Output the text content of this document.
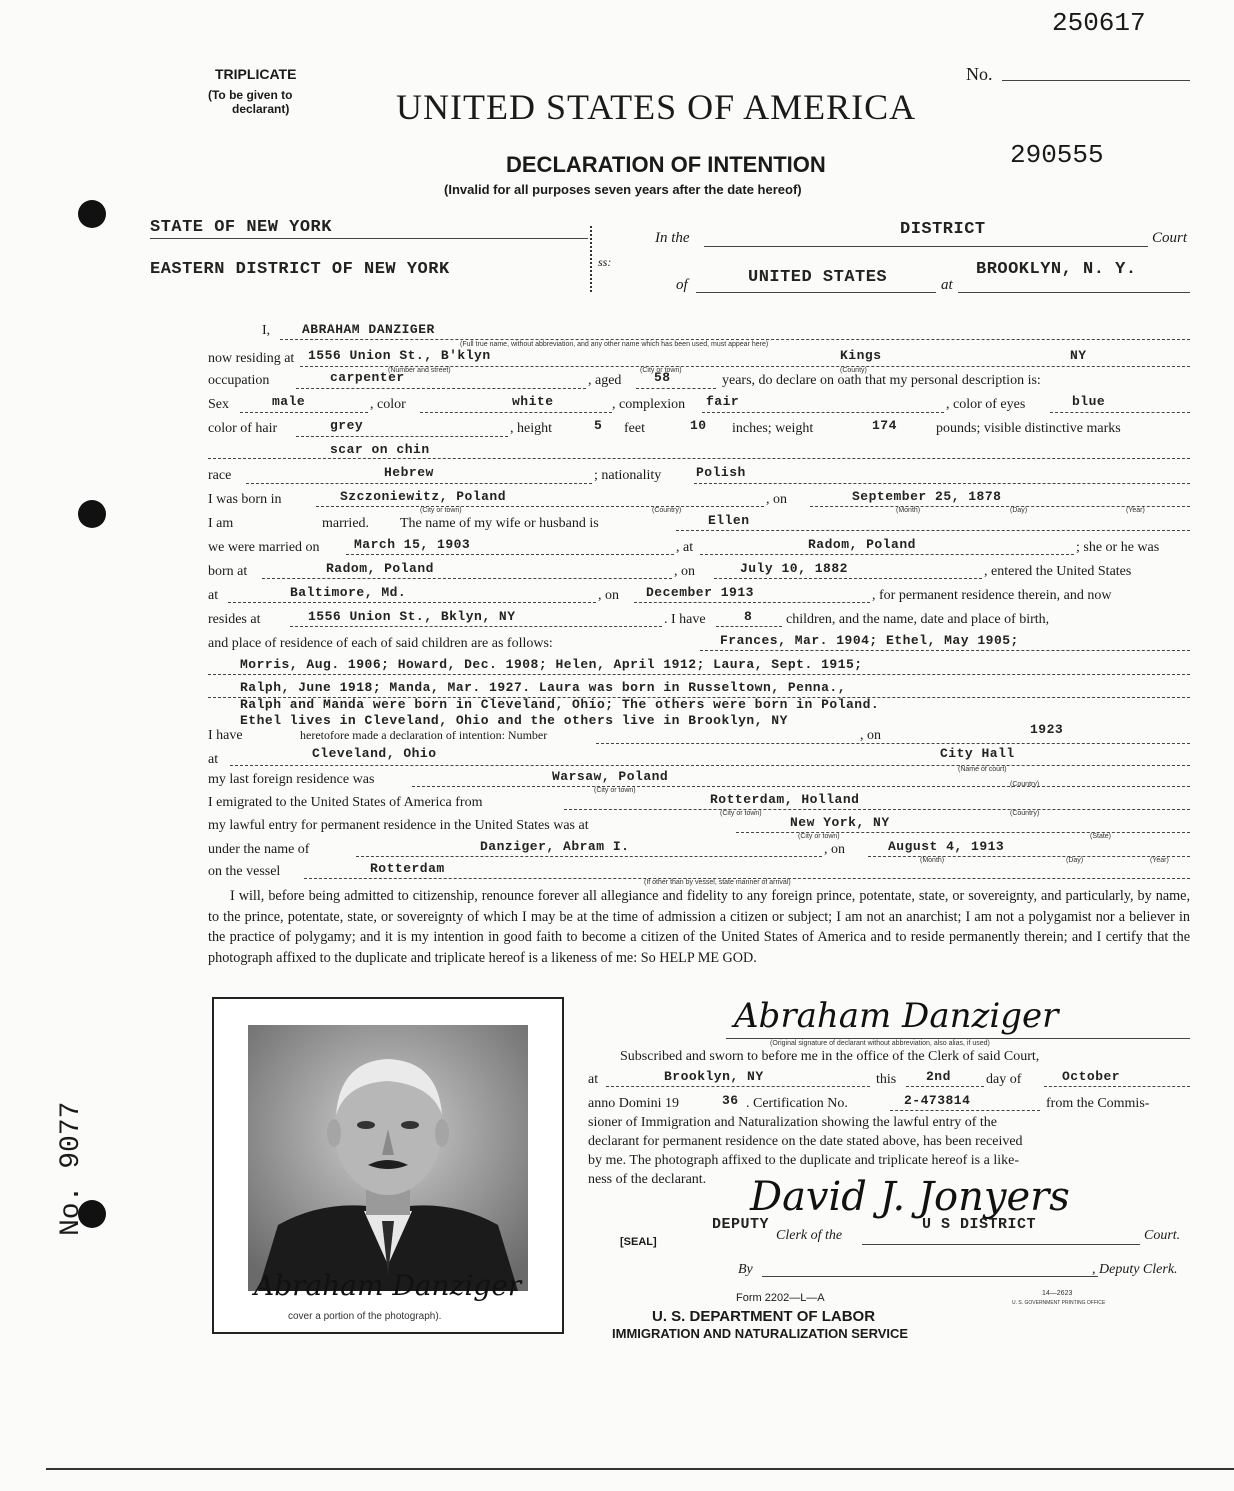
250617
TRIPLICATE
(To be given to
declarant)
No.
UNITED STATES OF AMERICA
DECLARATION OF INTENTION	290555
(Invalid for all purposes seven years after the date hereof)
STATE OF NEW YORK
EASTERN DISTRICT OF NEW YORK	ss:
In the	DISTRICT	Court
of	UNITED STATES	at
BROOKLYN, N. Y.
I, ABRAHAM DANZIGER
(Full true name, without abbreviation, and any other name which has been used, must appear here)
now residing at 1556 Union St., B'klyn	Kings	NY
(Number and street)	(City or town)	(County)
occupation	carpenter	, aged	58	years, do declare on oath that my personal description is:
Sex	male	, color	white	, complexion fair	, color of eyes	blue
color of hair	grey	, height	5 feet	10 inches; weight	174	pounds; visible distinctive marks
scar on chin
race	Hebrew	; nationality	Polish
I was born in	Szczoniewitz, Poland
(City or town)	(Country)
, on	September 25, 1878
(Month)	(Day)	(Year)
I am	married. The name of my wife or husband is	Ellen
we were married on	March 15, 1903	, at	Radom, Poland	; she or he was
born at	Radom, Poland	, on	July 10, 1882	, entered the United States
at	Baltimore, Md.	, on December 1913	, for permanent residence therein, and now
resides at	1556 Union St., Bklyn, NY	. I have	8 children, and the name, date and place of birth,
and place of residence of each of said children are as follows:	Frances, Mar. 1904; Ethel, May 1905;
Morris, Aug. 1906; Howard, Dec. 1908; Helen, April 1912; Laura, Sept. 1915;
Ralph, June 1918; Manda, Mar. 1927. Laura was born in Russeltown, Penna.,
Ralph and Manda were born in Cleveland, Ohio; The others were born in Poland.
Ethel lives in Cleveland, Ohio and the others live in Brooklyn, NY
I have	heretofore made a declaration of intention: Number	, on	1923
at	Cleveland, Ohio	City Hall
(Name of court)
my last foreign residence was	Warsaw, Poland
(City or town)
(Country)
I emigrated to the United States of America from	Rotterdam, Holland
(City or town)	(Country)
my lawful entry for permanent residence in the United States was at	New York, NY
(City or town)	(State)
under the name of	Danziger, Abram I.	, on	August 4, 1913
(Month)	(Day)	(Year)
on the vessel	Rotterdam
(If other than by vessel, state manner of arrival)
I will, before being admitted to citizenship, renounce forever all allegiance and fidelity to any foreign prince, potentate, state, or sovereignty, and particularly, by name, to the prince, potentate, state, or sovereignty of which I may be at the time of admission a citizen or subject; I am not an anarchist; I am not a polygamist nor a believer in the practice of polygamy; and it is my intention in good faith to become a citizen of the United States of America and to reside permanently therein; and I certify that the photograph affixed to the duplicate and triplicate hereof is a likeness of me: So HELP ME GOD.
Abraham Danziger
(Original signature of declarant without abbreviation, also alias, if used)
Subscribed and sworn to before me in the office of the Clerk of said Court,
at	Brooklyn, NY	this 2nd	day of	October
anno Domini 19	36 . Certification No.	2-473814	from the Commis-
sioner of Immigration and Naturalization showing the lawful entry of the
declarant for permanent residence on the date stated above, has been received
by me. The photograph affixed to the duplicate and triplicate hereof is a like-
ness of the declarant. David J. Jonyers
DEPUTY
Clerk of the
U S DISTRICT
Court.
[SEAL]
By	, Deputy Clerk.
Abraham Danziger
cover a portion of the photograph).
Form 2202—L—A
U. S. DEPARTMENT OF LABOR
IMMIGRATION AND NATURALIZATION SERVICE
14—2623
U. S. GOVERNMENT PRINTING OFFICE
No. 9077
